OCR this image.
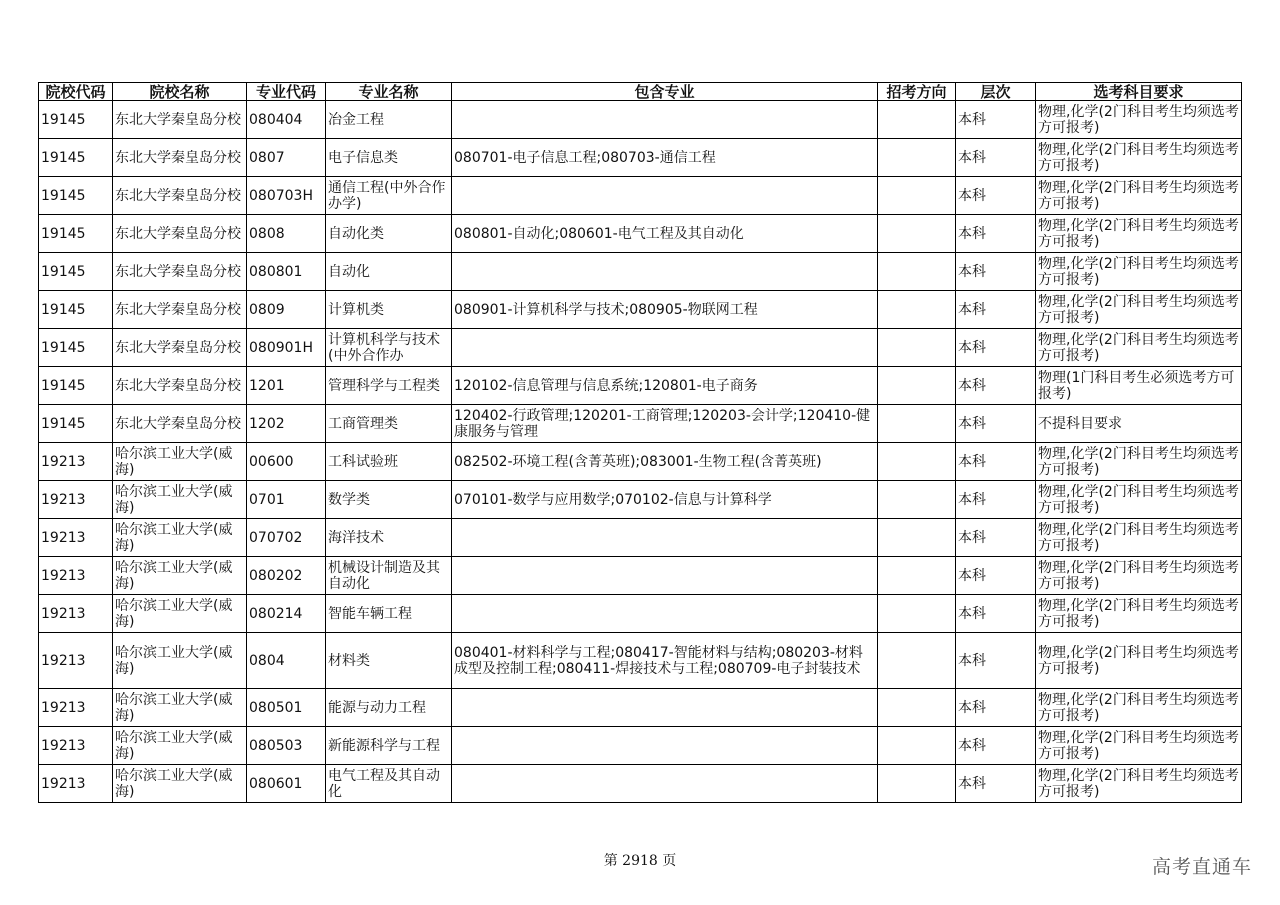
院校代码	院校名称	专业代码	专业名称	包含专业	招考方向	层次	选考科目要求
19145	东北大学秦皇岛分校	080404	冶金工程			本科	物理,化学(2门科目考生均须选考方可报考)

19145	东北大学秦皇岛分校	0807	电子信息类	080701-电子信息工程;080703-通信工程		本科	物理,化学(2门科目考生均须选考方可报考)

19145	东北大学秦皇岛分校	080703H	通信工程(中外合作办学)			本科	物理,化学(2门科目考生均须选考方可报考)

19145	东北大学秦皇岛分校	0808	自动化类	080801-自动化;080601-电气工程及其自动化		本科	物理,化学(2门科目考生均须选考方可报考)

19145	东北大学秦皇岛分校	080801	自动化			本科	物理,化学(2门科目考生均须选考方可报考)

19145	东北大学秦皇岛分校	0809	计算机类	080901-计算机科学与技术;080905-物联网工程		本科	物理,化学(2门科目考生均须选考方可报考)

19145	东北大学秦皇岛分校	080901H	计算机科学与技术(中外合作办			本科	物理,化学(2门科目考生均须选考方可报考)

19145	东北大学秦皇岛分校	1201	管理科学与工程类	120102-信息管理与信息系统;120801-电子商务		本科	物理(1门科目考生必须选考方可报考)

19145	东北大学秦皇岛分校	1202	工商管理类	120402-行政管理;120201-工商管理;120203-会计学;120410-健康服务与管理		本科	不提科目要求

19213	哈尔滨工业大学(威海)	00600	工科试验班	082502-环境工程(含菁英班);083001-生物工程(含菁英班)		本科	物理,化学(2门科目考生均须选考方可报考)

19213	哈尔滨工业大学(威海)	0701	数学类	070101-数学与应用数学;070102-信息与计算科学		本科	物理,化学(2门科目考生均须选考方可报考)

19213	哈尔滨工业大学(威海)	070702	海洋技术			本科	物理,化学(2门科目考生均须选考方可报考)

19213	哈尔滨工业大学(威海)	080202	机械设计制造及其自动化			本科	物理,化学(2门科目考生均须选考方可报考)

19213	哈尔滨工业大学(威海)	080214	智能车辆工程			本科	物理,化学(2门科目考生均须选考方可报考)

19213	哈尔滨工业大学(威海)	0804	材料类	080401-材料科学与工程;080417-智能材料与结构;080203-材料成型及控制工程;080411-焊接技术与工程;080709-电子封装技术		本科	物理,化学(2门科目考生均须选考方可报考)

19213	哈尔滨工业大学(威海)	080501	能源与动力工程			本科	物理,化学(2门科目考生均须选考方可报考)

19213	哈尔滨工业大学(威海)	080503	新能源科学与工程			本科	物理,化学(2门科目考生均须选考方可报考)

19213	哈尔滨工业大学(威海)	080601	电气工程及其自动化			本科	物理,化学(2门科目考生均须选考方可报考)
第 2918 页	高考直通车
